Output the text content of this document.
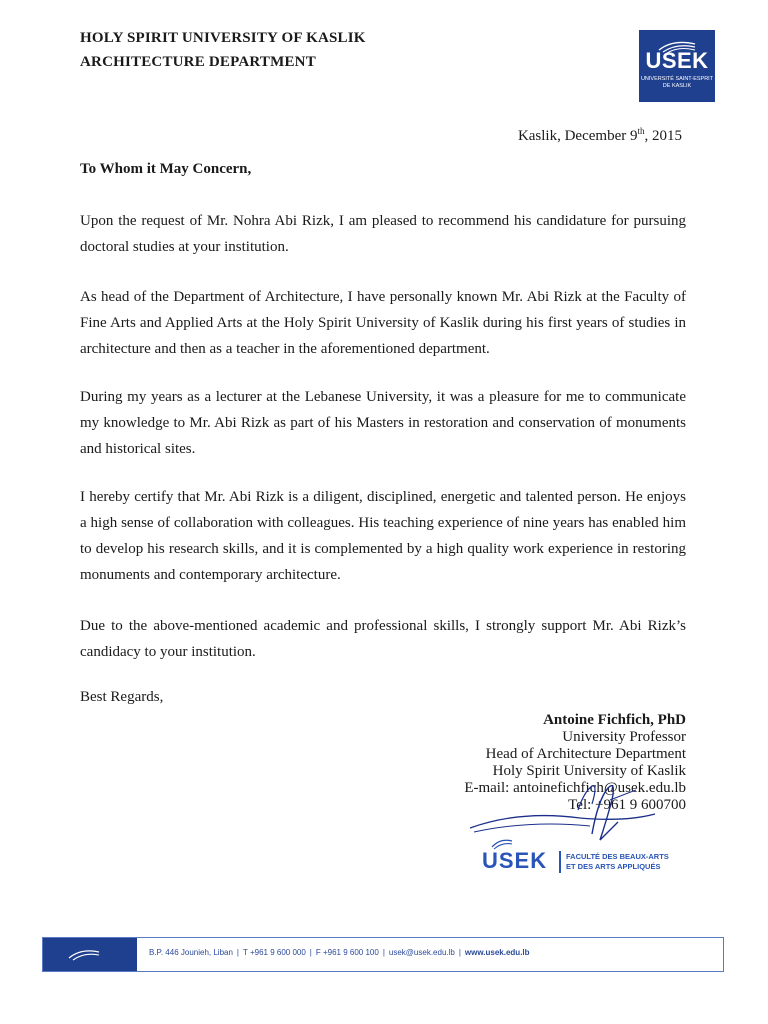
HOLY SPIRIT UNIVERSITY OF KASLIK
ARCHITECTURE DEPARTMENT	USEK
UNIVERSITÉ SAINT-ESPRIT
DE KASLIK
Kaslik, December 9th, 2015
To Whom it May Concern,

Upon the request of Mr. Nohra Abi Rizk, I am pleased to recommend his candidature for pursuing doctoral studies at your institution.

As head of the Department of Architecture, I have personally known Mr. Abi Rizk at the Faculty of Fine Arts and Applied Arts at the Holy Spirit University of Kaslik during his first years of studies in architecture and then as a teacher in the aforementioned department.

During my years as a lecturer at the Lebanese University, it was a pleasure for me to communicate my knowledge to Mr. Abi Rizk as part of his Masters in restoration and conservation of monuments and historical sites.

I hereby certify that Mr. Abi Rizk is a diligent, disciplined, energetic and talented person. He enjoys a high sense of collaboration with colleagues. His teaching experience of nine years has enabled him to develop his research skills, and it is complemented by a high quality work experience in restoring monuments and contemporary architecture.

Due to the above-mentioned academic and professional skills, I strongly support Mr. Abi Rizk’s candidacy to your institution.

Best Regards,
Antoine Fichfich, PhD
University Professor
Head of Architecture Department
Holy Spirit University of Kaslik
E-mail: antoinefichfich@usek.edu.lb
Tel: +961 9 600700
USEK	FACULTÉ DES BEAUX-ARTS
ET DES ARTS APPLIQUÉS
B.P. 446 Jounieh, Liban | T +961 9 600 000 | F +961 9 600 100 | usek@usek.edu.lb | www.usek.edu.lb
